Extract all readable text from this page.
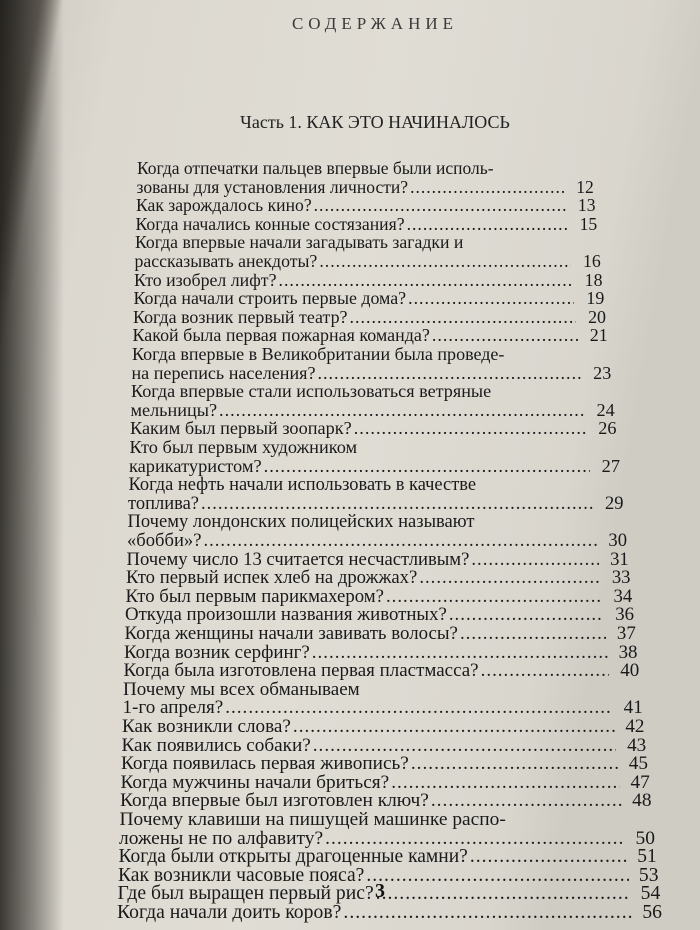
СОДЕРЖАНИЕ
Часть 1. КАК ЭТО НАЧИНАЛОСЬ
Когда отпечатки пальцев впервые были исполь-
зованы для установления личности? .....	12
Как зарождалось кино? .....	13
Когда начались конные состязания? .....	15
Когда впервые начали загадывать загадки и
рассказывать анекдоты? .....	16
Кто изобрел лифт? .....	18
Когда начали строить первые дома? .....	19
Когда возник первый театр? .....	20
Какой была первая пожарная команда? .....	21
Когда впервые в Великобритании была проведе-
на перепись населения? .....	23
Когда впервые стали использоваться ветряные
мельницы? .....	24
Каким был первый зоопарк? .....	26
Кто был первым художником
карикатуристом? .....	27
Когда нефть начали использовать в качестве
топлива? .....	29
Почему лондонских полицейских называют
«бобби»? .....	30
Почему число 13 считается несчастливым? .....	31
Кто первый испек хлеб на дрожжах? .....	33
Кто был первым парикмахером? .....	34
Откуда произошли названия животных? .....	36
Когда женщины начали завивать волосы? .....	37
Когда возник серфинг? .....	38
Когда была изготовлена первая пластмасса? .....	40
Почему мы всех обманываем
1-го апреля? .....	41
Как возникли слова? .....	42
Как появились собаки? .....	43
Когда появилась первая живопись? .....	45
Когда мужчины начали бриться? .....	47
Когда впервые был изготовлен ключ? .....	48
Почему клавиши на пишущей машинке распо-
ложены не по алфавиту? .....	50
Когда были открыты драгоценные камни? .....	51
Как возникли часовые пояса? .....	53
Где был выращен первый рис? .....	54
Когда начали доить коров? .....	56
3
